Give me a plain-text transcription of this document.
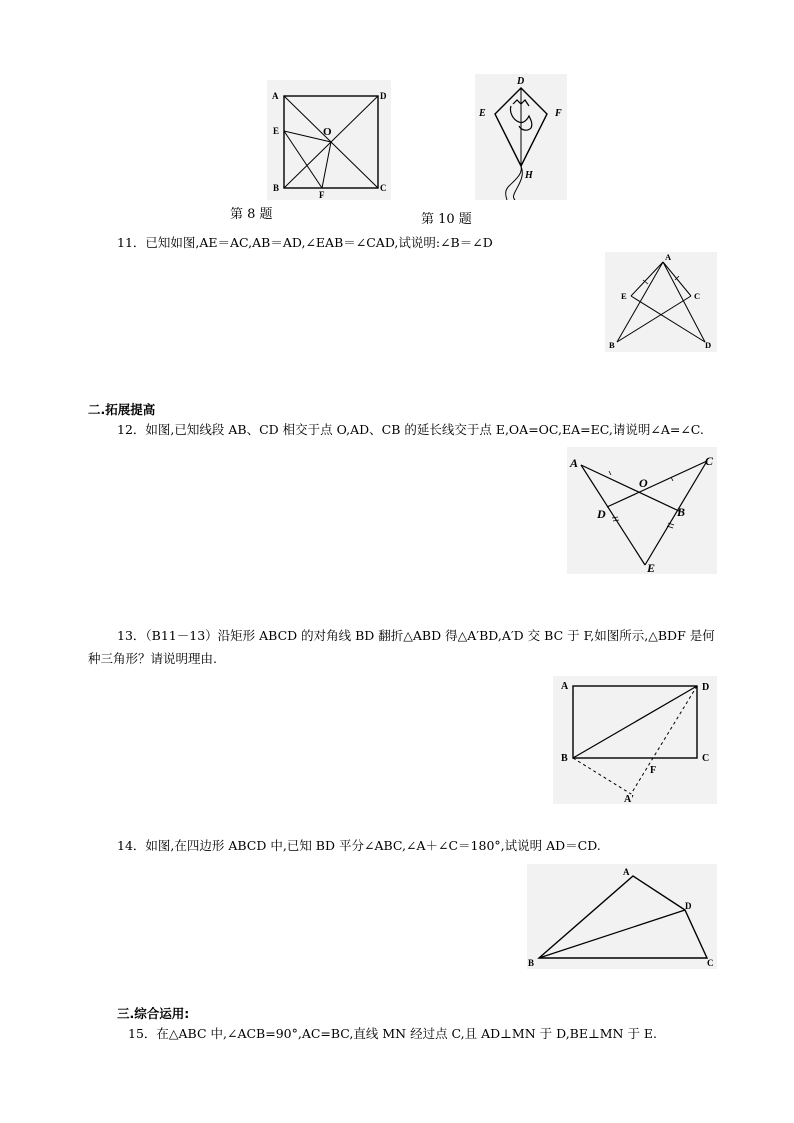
A	D
E	O
B
F
C
第 8 题
D
E	F
H
第 10 题
11．已知如图,AE＝AC,AB＝AD,∠EAB＝∠CAD,试说明:∠B＝∠D
A
E	C
B	D
二.拓展提高
12．如图,已知线段 AB、CD 相交于点 O,AD、CB 的延长线交于点 E,OA=OC,EA=EC,请说明∠A=∠C.
A	C
O
D	B
E
13．（B11－13）沿矩形 ABCD 的对角线 BD 翻折△ABD 得△A′BD,A′D 交 BC 于 F,如图所示,△BDF 是何
种三角形？请说明理由.
A	D
B	C
F
A′
14．如图,在四边形 ABCD 中,已知 BD 平分∠ABC,∠A＋∠C＝180°,试说明 AD＝CD.
A
D
B	C
三.综合运用:
15．在△ABC 中,∠ACB=90°,AC=BC,直线 MN 经过点 C,且 AD⊥MN 于 D,BE⊥MN 于 E.
